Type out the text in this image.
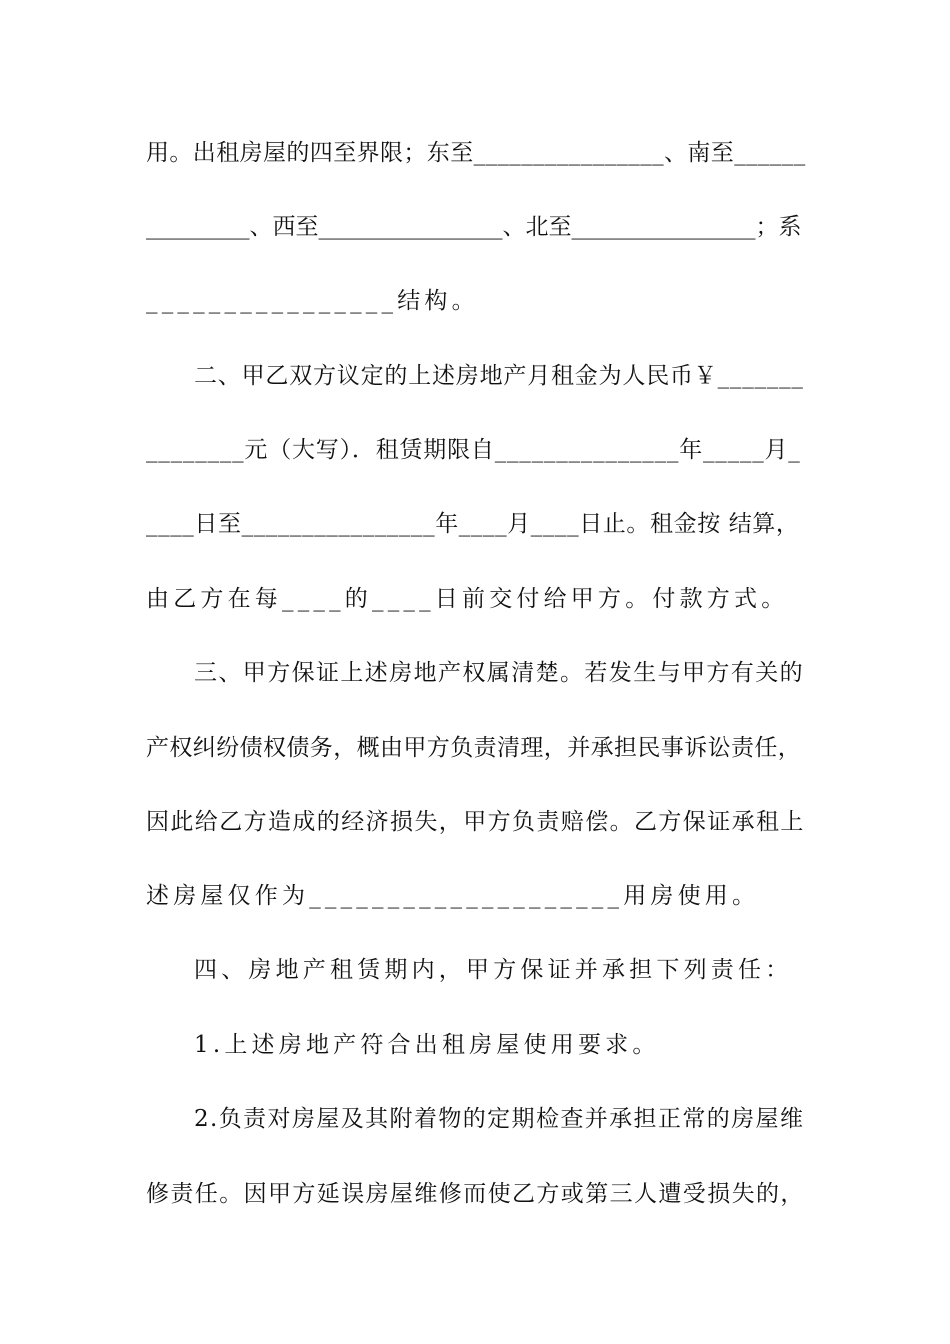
用。出租房屋的四至界限；东至________________、南至______
_________、西至________________、北至________________；系
________________结构。
二、甲乙双方议定的上述房地产月租金为人民币￥_______
________元（大写）．租赁期限自_______________年_____月_
____日至________________年____月____日止。租金按 结算，
由乙方在每____的____日前交付给甲方。付款方式。
三、甲方保证上述房地产权属清楚。若发生与甲方有关的
产权纠纷债权债务，概由甲方负责清理，并承担民事诉讼责任，
因此给乙方造成的经济损失，甲方负责赔偿。乙方保证承租上
述房屋仅作为____________________用房使用。
四、房地产租赁期内，甲方保证并承担下列责任：
1.上述房地产符合出租房屋使用要求。
2.负责对房屋及其附着物的定期检查并承担正常的房屋维
修责任。因甲方延误房屋维修而使乙方或第三人遭受损失的，
